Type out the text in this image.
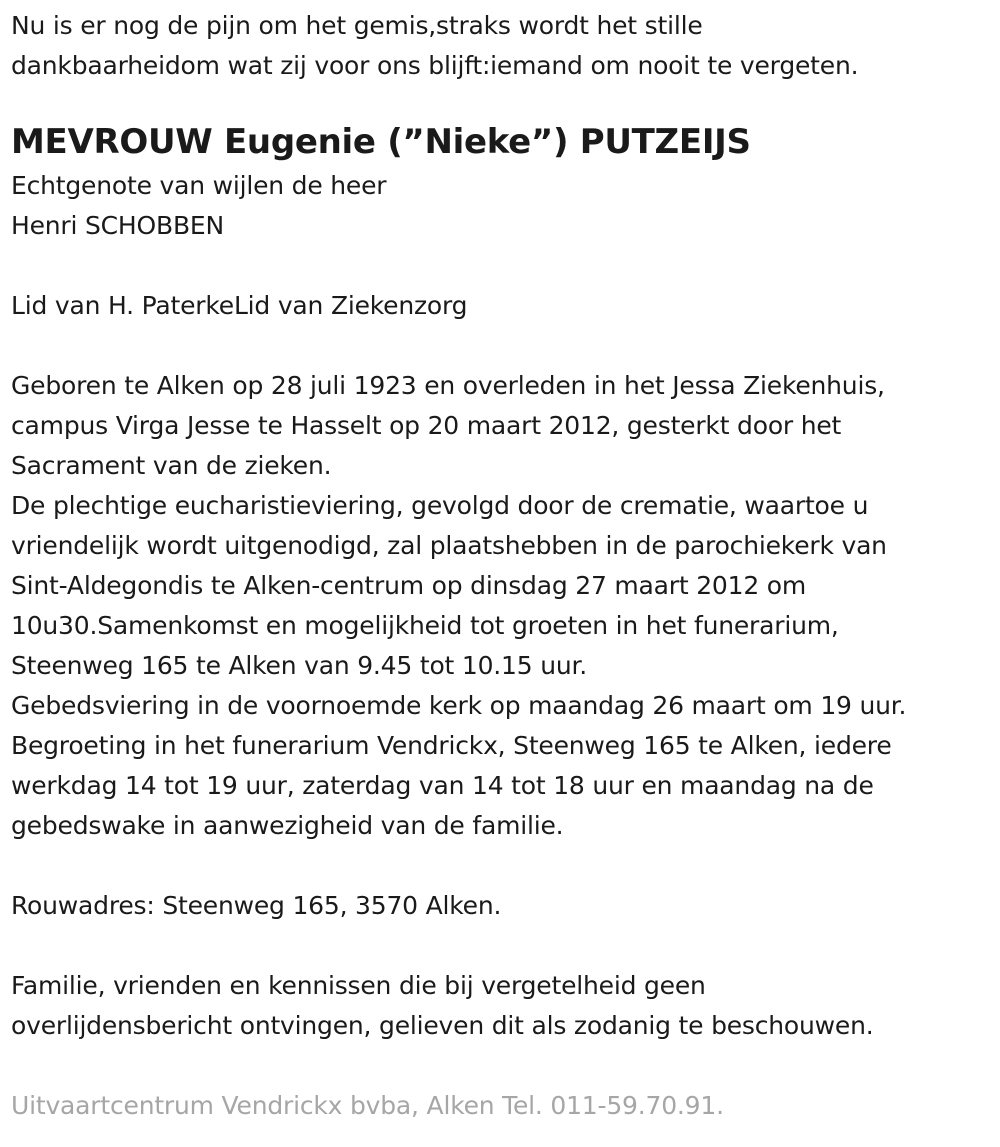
Nu is er nog de pijn om het gemis,straks wordt het stille
dankbaarheidom wat zij voor ons blijft:iemand om nooit te vergeten.
MEVROUW Eugenie (”Nieke”) PUTZEIJS
Echtgenote van wijlen de heer
Henri SCHOBBEN
Lid van H. PaterkeLid van Ziekenzorg
Geboren te Alken op 28 juli 1923 en overleden in het Jessa Ziekenhuis,
campus Virga Jesse te Hasselt op 20 maart 2012, gesterkt door het
Sacrament van de zieken.
De plechtige eucharistieviering, gevolgd door de crematie, waartoe u
vriendelijk wordt uitgenodigd, zal plaatshebben in de parochiekerk van
Sint-Aldegondis te Alken-centrum op dinsdag 27 maart 2012 om
10u30.Samenkomst en mogelijkheid tot groeten in het funerarium,
Steenweg 165 te Alken van 9.45 tot 10.15 uur.
Gebedsviering in de voornoemde kerk op maandag 26 maart om 19 uur.
Begroeting in het funerarium Vendrickx, Steenweg 165 te Alken, iedere
werkdag 14 tot 19 uur, zaterdag van 14 tot 18 uur en maandag na de
gebedswake in aanwezigheid van de familie.
Rouwadres: Steenweg 165, 3570 Alken.
Familie, vrienden en kennissen die bij vergetelheid geen
overlijdensbericht ontvingen, gelieven dit als zodanig te beschouwen.
Uitvaartcentrum Vendrickx bvba, Alken Tel. 011-59.70.91.
